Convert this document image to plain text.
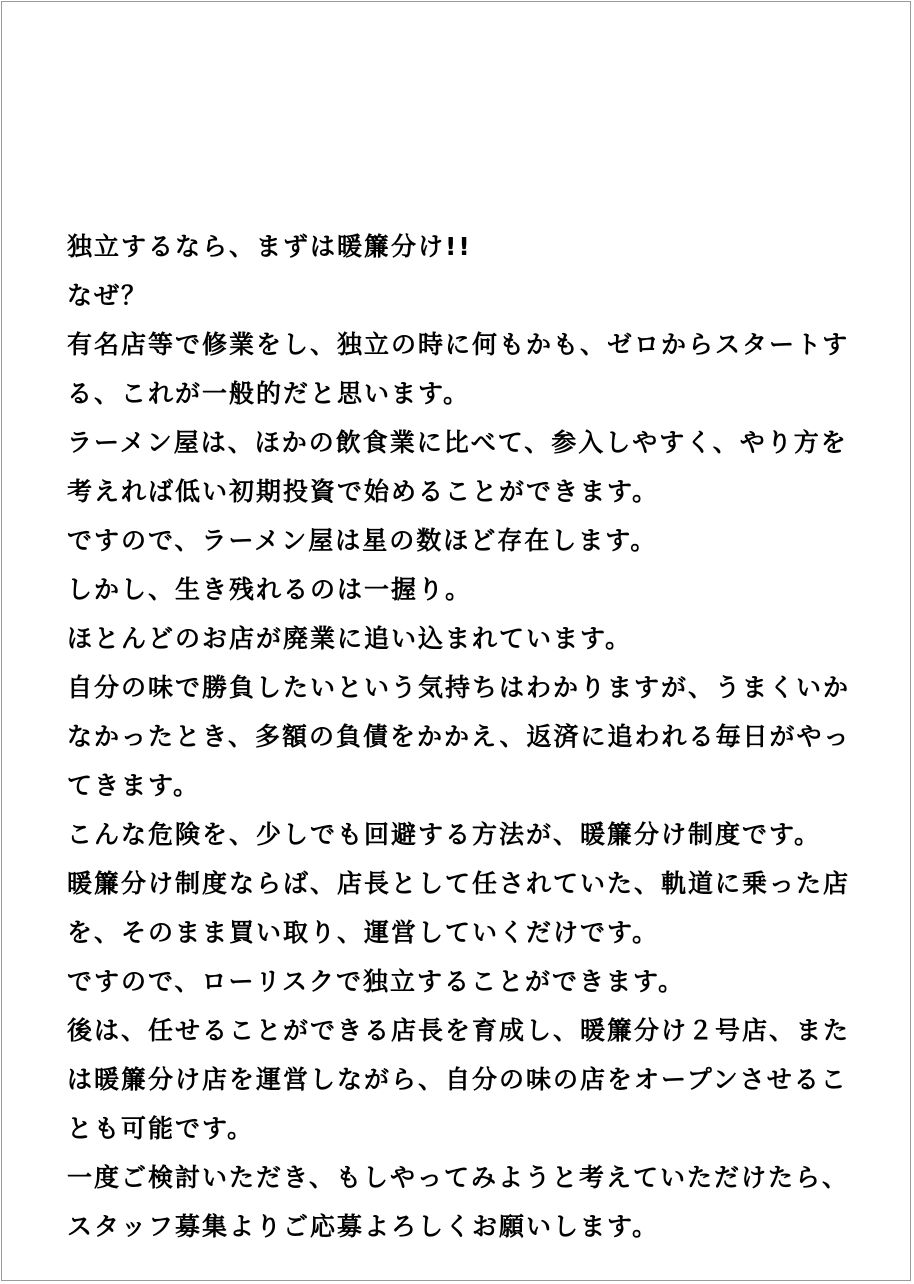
独立するなら、まずは暖簾分け!!
なぜ？
有名店等で修業をし、独立の時に何もかも、ゼロからスタートす
る、これが一般的だと思います。
ラーメン屋は、ほかの飲食業に比べて、参入しやすく、やり方を
考えれば低い初期投資で始めることができます。
ですので、ラーメン屋は星の数ほど存在します。
しかし、生き残れるのは一握り。
ほとんどのお店が廃業に追い込まれています。
自分の味で勝負したいという気持ちはわかりますが、うまくいか
なかったとき、多額の負債をかかえ、返済に追われる毎日がやっ
てきます。
こんな危険を、少しでも回避する方法が、暖簾分け制度です。
暖簾分け制度ならば、店長として任されていた、軌道に乗った店
を、そのまま買い取り、運営していくだけです。
ですので、ローリスクで独立することができます。
後は、任せることができる店長を育成し、暖簾分け２号店、また
は暖簾分け店を運営しながら、自分の味の店をオープンさせるこ
とも可能です。
一度ご検討いただき、もしやってみようと考えていただけたら、
スタッフ募集よりご応募よろしくお願いします。
